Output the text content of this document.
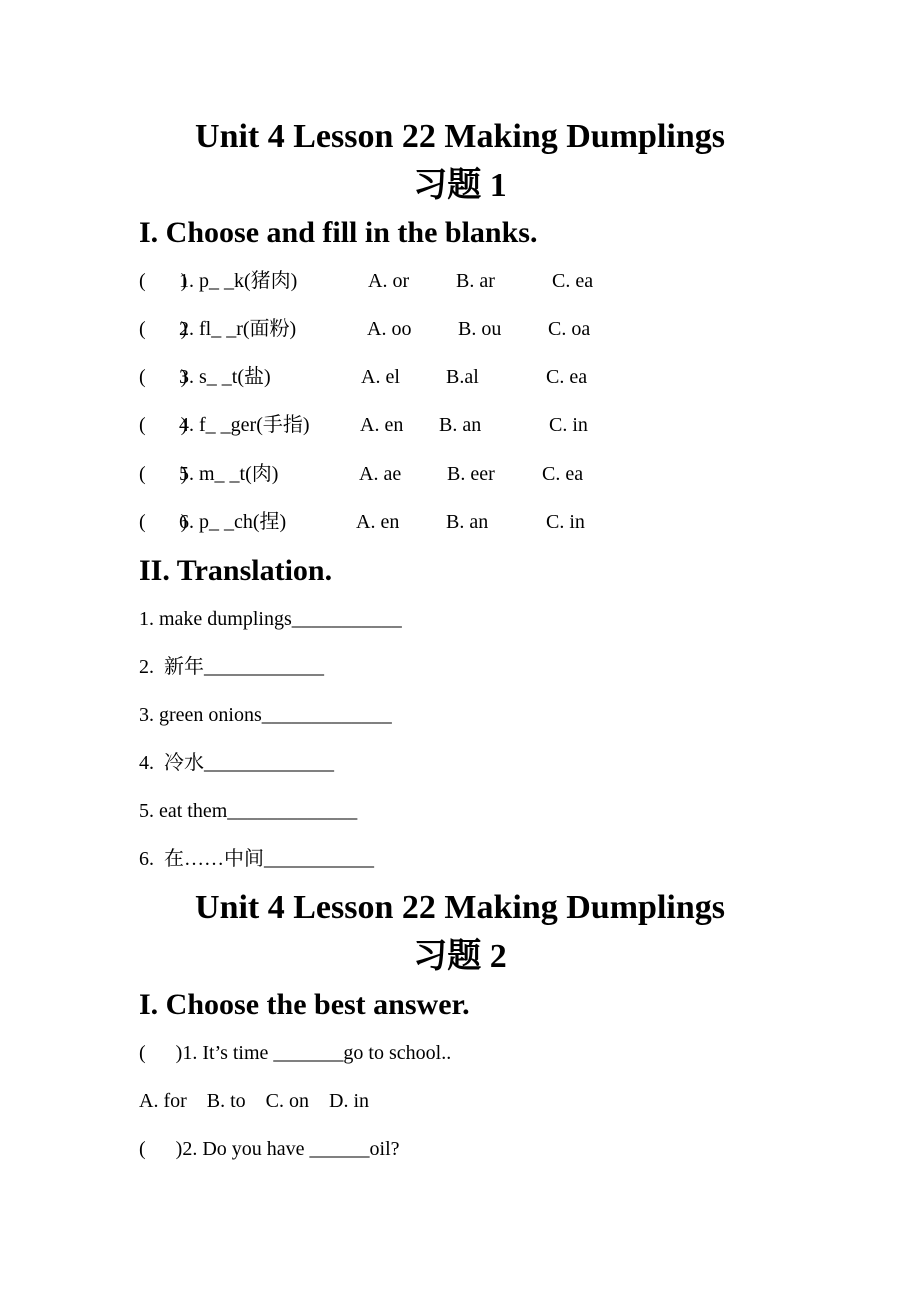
Unit 4 Lesson 22 Making Dumplings
习题 1
I. Choose and fill in the blanks.
(       )
1. p_ _k(猪肉)	A. or B. ar	C. ea
(       )
2. fl_ _r(面粉)	A. oo B. ou C. oa
(       )
3. s_ _t(盐)	A. el B.al	C. ea
(       )
4. f_ _ger(手指)	A. en B. an	C. in
(       )
5. m_ _t(肉)	A. ae B. eer C. ea
(       )
6. p_ _ch(捏)	A. en B. an	C. in
II. Translation.
1. make dumplings___________
2.  新年____________
3. green onions_____________
4.  冷水_____________
5. eat them_____________
6.  在……中间___________
Unit 4 Lesson 22 Making Dumplings
习题 2
I. Choose the best answer.
(      )1. It’s time _______go to school..
A. for    B. to    C. on    D. in
(      )2. Do you have ______oil?
